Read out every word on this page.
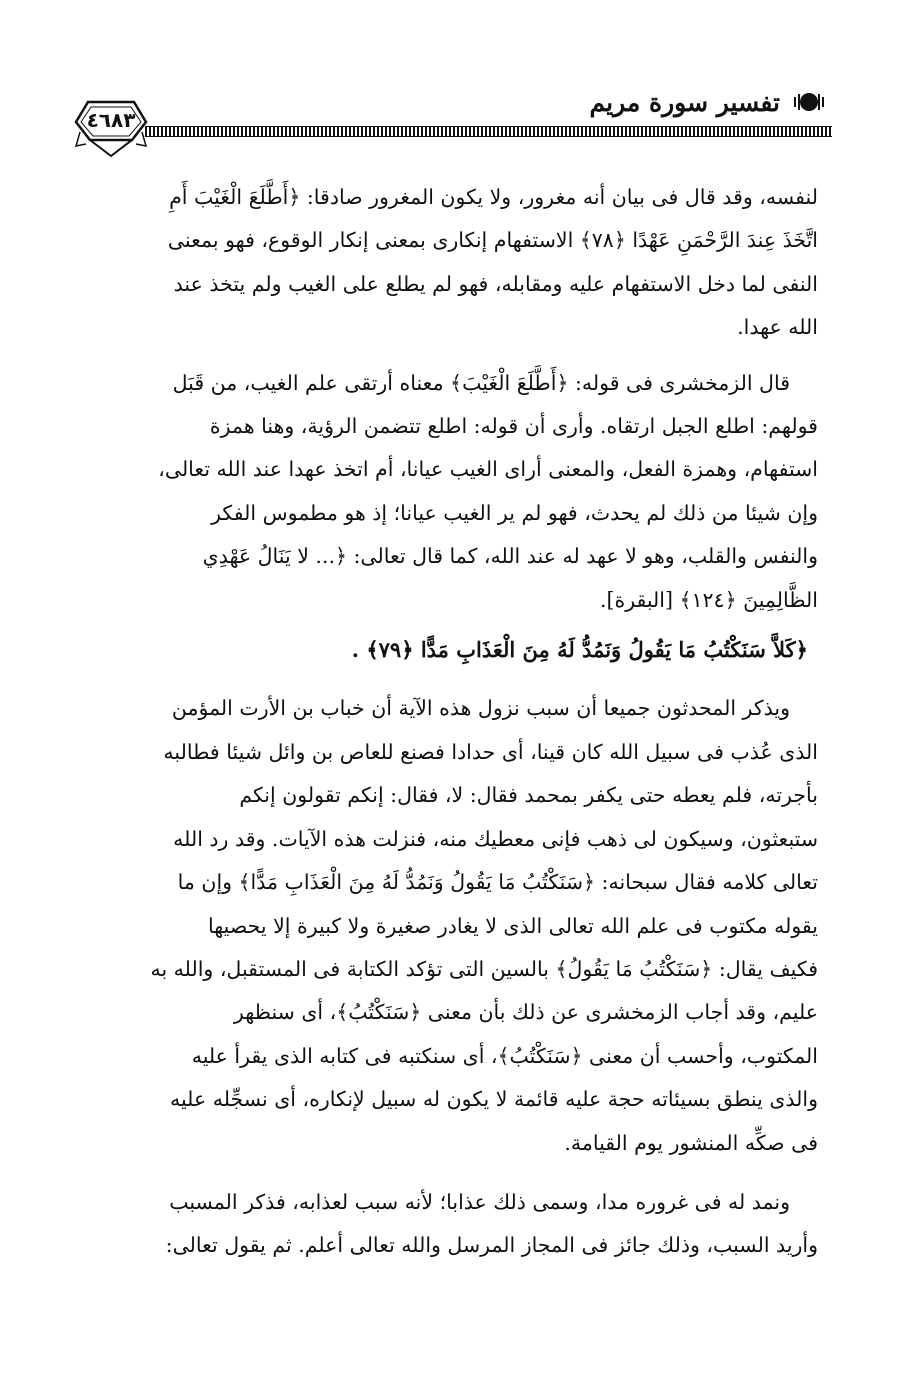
تفسير سورة مريم
٤٦٨٣

لنفسه، وقد قال فى بيان أنه مغرور، ولا يكون المغرور صادقا: ﴿أَطَّلَعَ الْغَيْبَ أَمِ
اتَّخَذَ عِندَ الرَّحْمَنِ عَهْدًا ﴿٧٨﴾ الاستفهام إنكارى بمعنى إنكار الوقوع، فهو بمعنى
النفى لما دخل الاستفهام عليه ومقابله، فهو لم يطلع على الغيب ولم يتخذ عند
الله عهدا.

قال الزمخشرى فى قوله: ﴿أَطَّلَعَ الْغَيْبَ﴾ معناه أرتقى علم الغيب، من قَبَل
قولهم: اطلع الجبل ارتقاه. وأرى أن قوله: اطلع تتضمن الرؤية، وهنا همزة
استفهام، وهمزة الفعل، والمعنى أراى الغيب عيانا، أم اتخذ عهدا عند الله تعالى،
وإن شيئا من ذلك لم يحدث، فهو لم ير الغيب عيانا؛ إذ هو مطموس الفكر
والنفس والقلب، وهو لا عهد له عند الله، كما قال تعالى: ﴿... لا يَنَالُ عَهْدِي
الظَّالِمِينَ ﴿١٢٤﴾ [البقرة].

﴿كَلاَّ سَنَكْتُبُ مَا يَقُولُ وَنَمُدُّ لَهُ مِنَ الْعَذَابِ مَدًّا ﴿٧٩﴾ .

ويذكر المحدثون جميعا أن سبب نزول هذه الآية أن خباب بن الأرت المؤمن
الذى عُذب فى سبيل الله كان قينا، أى حدادا فصنع للعاص بن وائل شيئا فطالبه
بأجرته، فلم يعطه حتى يكفر بمحمد فقال: لا، فقال: إنكم تقولون إنكم
ستبعثون، وسيكون لى ذهب فإنى معطيك منه، فنزلت هذه الآيات. وقد رد الله
تعالى كلامه فقال سبحانه: ﴿سَنَكْتُبُ مَا يَقُولُ وَنَمُدُّ لَهُ مِنَ الْعَذَابِ مَدًّا﴾ وإن ما
يقوله مكتوب فى علم الله تعالى الذى لا يغادر صغيرة ولا كبيرة إلا يحصيها
فكيف يقال: ﴿سَنَكْتُبُ مَا يَقُولُ﴾ بالسين التى تؤكد الكتابة فى المستقبل، والله به
عليم، وقد أجاب الزمخشرى عن ذلك بأن معنى ﴿سَنَكْتُبُ﴾، أى سنظهر
المكتوب، وأحسب أن معنى ﴿سَنَكْتُبُ﴾، أى سنكتبه فى كتابه الذى يقرأ عليه
والذى ينطق بسيئاته حجة عليه قائمة لا يكون له سبيل لإنكاره، أى نسجِّله عليه
فى صكِّه المنشور يوم القيامة.

ونمد له فى غروره مدا، وسمى ذلك عذابا؛ لأنه سبب لعذابه، فذكر المسبب
وأريد السبب، وذلك جائز فى المجاز المرسل والله تعالى أعلم. ثم يقول تعالى:
